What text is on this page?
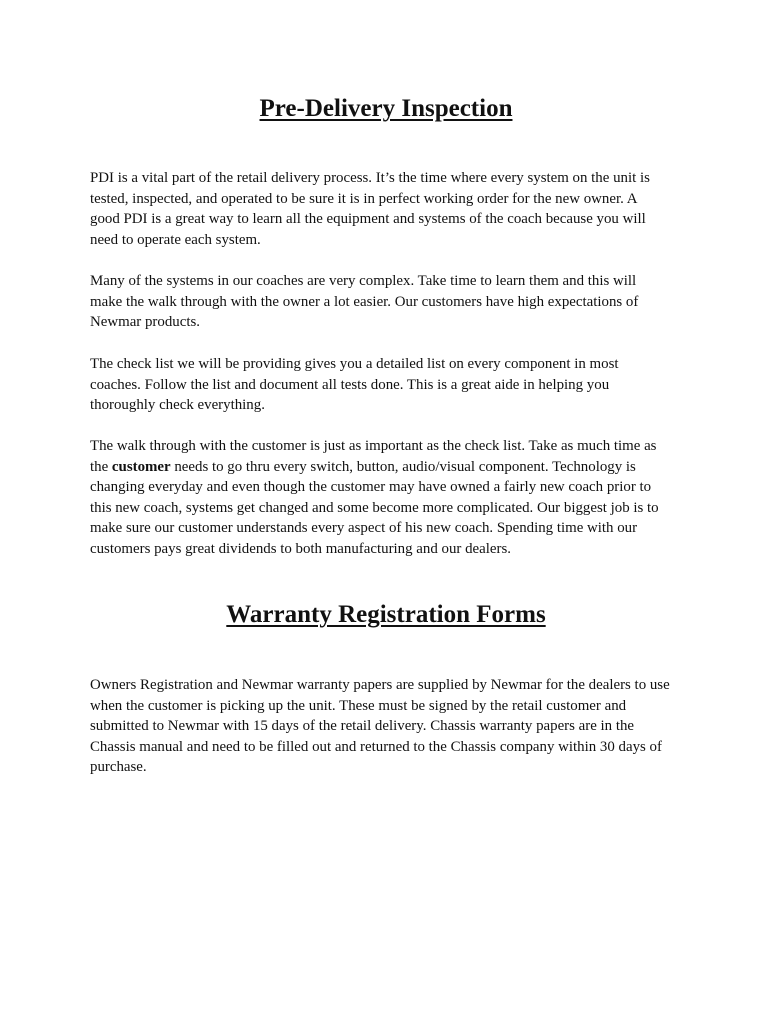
Pre-Delivery Inspection

PDI is a vital part of the retail delivery process. It’s the time where every system on the unit is
tested, inspected, and operated to be sure it is in perfect working order for the new owner. A
good PDI is a great way to learn all the equipment and systems of the coach because you will
need to operate each system.

Many of the systems in our coaches are very complex. Take time to learn them and this will
make the walk through with the owner a lot easier. Our customers have high expectations of
Newmar products.

The check list we will be providing gives you a detailed list on every component in most
coaches. Follow the list and document all tests done. This is a great aide in helping you
thoroughly check everything.

The walk through with the customer is just as important as the check list. Take as much time as
the customer needs to go thru every switch, button, audio/visual component. Technology is
changing everyday and even though the customer may have owned a fairly new coach prior to
this new coach, systems get changed and some become more complicated. Our biggest job is to
make sure our customer understands every aspect of his new coach. Spending time with our
customers pays great dividends to both manufacturing and our dealers.

Warranty Registration Forms

Owners Registration and Newmar warranty papers are supplied by Newmar for the dealers to use
when the customer is picking up the unit. These must be signed by the retail customer and
submitted to Newmar with 15 days of the retail delivery. Chassis warranty papers are in the
Chassis manual and need to be filled out and returned to the Chassis company within 30 days of
purchase.
